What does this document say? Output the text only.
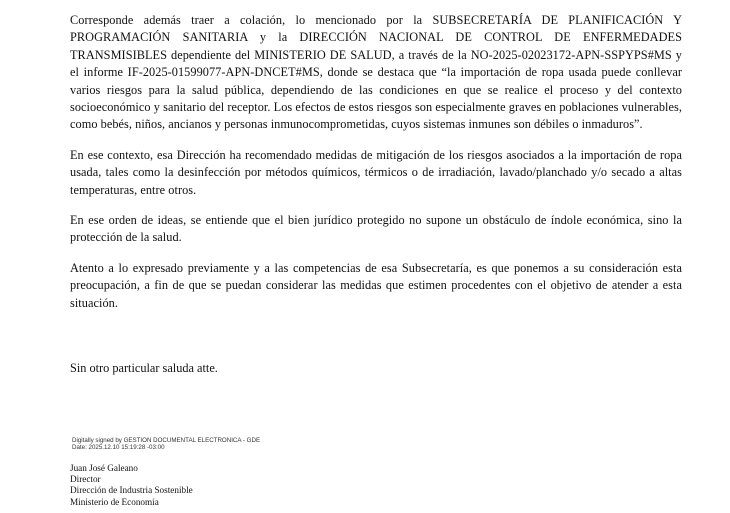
Corresponde además traer a colación, lo mencionado por la SUBSECRETARÍA DE PLANIFICACIÓN Y PROGRAMACIÓN SANITARIA y la DIRECCIÓN NACIONAL DE CONTROL DE ENFERMEDADES TRANSMISIBLES dependiente del MINISTERIO DE SALUD, a través de la NO-2025-02023172-APN-SSPYPS#MS y el informe IF-2025-01599077-APN-DNCET#MS, donde se destaca que “la importación de ropa usada puede conllevar varios riesgos para la salud pública, dependiendo de las condiciones en que se realice el proceso y del contexto socioeconómico y sanitario del receptor. Los efectos de estos riesgos son especialmente graves en poblaciones vulnerables, como bebés, niños, ancianos y personas inmunocomprometidas, cuyos sistemas inmunes son débiles o inmaduros”.

En ese contexto, esa Dirección ha recomendado medidas de mitigación de los riesgos asociados a la importación de ropa usada, tales como la desinfección por métodos químicos, térmicos o de irradiación, lavado/planchado y/o secado a altas temperaturas, entre otros.

En ese orden de ideas, se entiende que el bien jurídico protegido no supone un obstáculo de índole económica, sino la protección de la salud.

Atento a lo expresado previamente y a las competencias de esa Subsecretaría, es que ponemos a su consideración esta preocupación, a fin de que se puedan considerar las medidas que estimen procedentes con el objetivo de atender a esta situación.

Sin otro particular saluda atte.
Digitally signed by GESTION DOCUMENTAL ELECTRONICA - GDE
Date: 2025.12.10 15:19:28 -03:00
Juan José Galeano
Director
Dirección de Industria Sostenible
Ministerio de Economía
